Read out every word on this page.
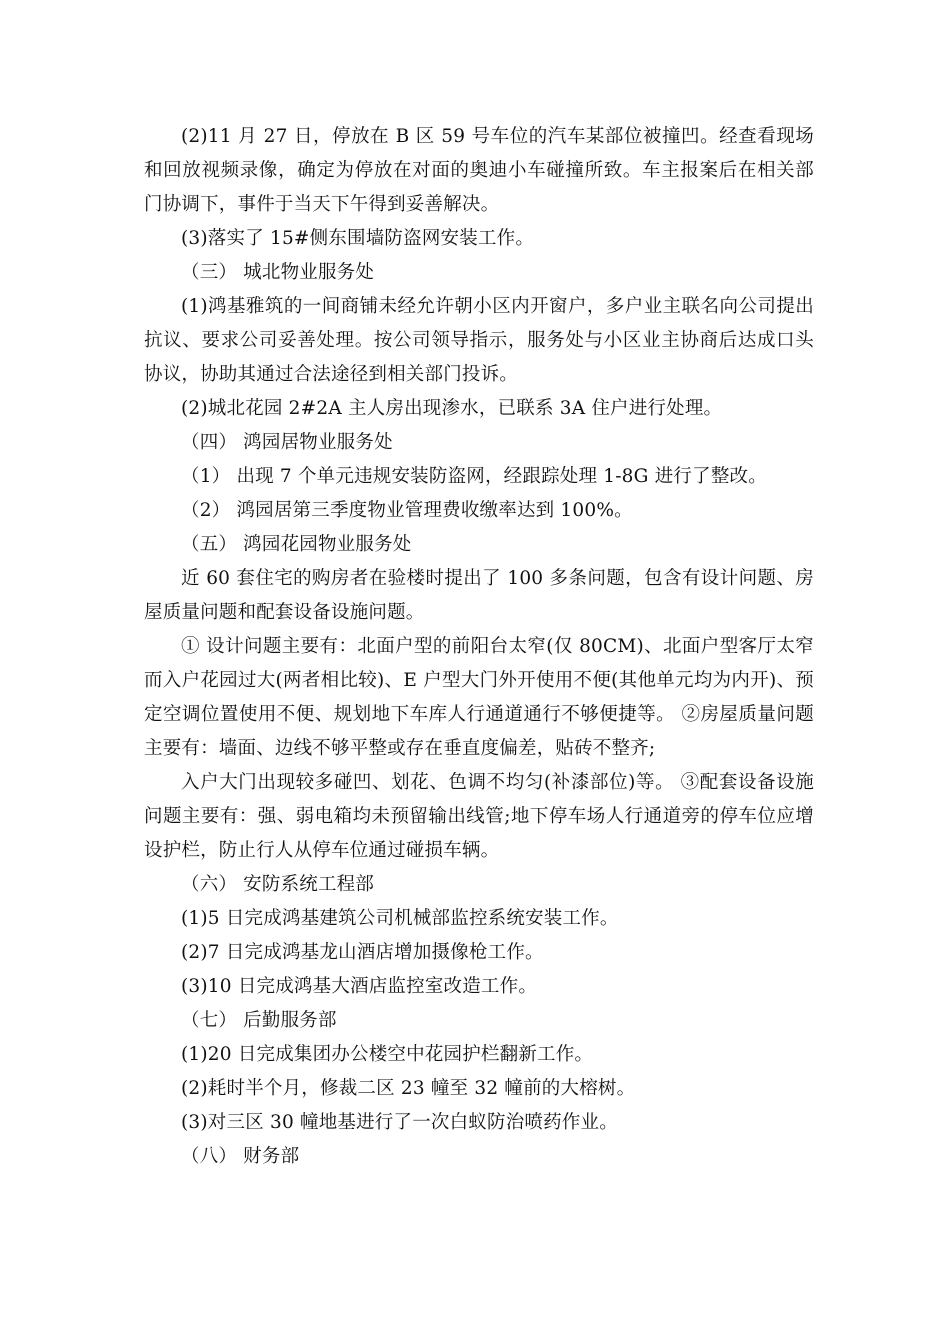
(2)11 月 27 日，停放在 B 区 59 号车位的汽车某部位被撞凹。经查看现场和回放视频录像，确定为停放在对面的奥迪小车碰撞所致。车主报案后在相关部门协调下，事件于当天下午得到妥善解决。

(3)落实了 15#侧东围墙防盗网安装工作。

（三） 城北物业服务处

(1)鸿基雅筑的一间商铺未经允许朝小区内开窗户，多户业主联名向公司提出抗议、要求公司妥善处理。按公司领导指示，服务处与小区业主协商后达成口头协议，协助其通过合法途径到相关部门投诉。

(2)城北花园 2#2A 主人房出现渗水，已联系 3A 住户进行处理。

（四） 鸿园居物业服务处

（1） 出现 7 个单元违规安装防盗网，经跟踪处理 1-8G 进行了整改。

（2） 鸿园居第三季度物业管理费收缴率达到 100%。

（五） 鸿园花园物业服务处

近 60 套住宅的购房者在验楼时提出了 100 多条问题，包含有设计问题、房屋质量问题和配套设备设施问题。

① 设计问题主要有：北面户型的前阳台太窄(仅 80CM)、北面户型客厅太窄而入户花园过大(两者相比较)、E 户型大门外开使用不便(其他单元均为内开)、预定空调位置使用不便、规划地下车库人行通道通行不够便捷等。 ②房屋质量问题主要有：墙面、边线不够平整或存在垂直度偏差，贴砖不整齐;

入户大门出现较多碰凹、划花、色调不均匀(补漆部位)等。 ③配套设备设施问题主要有：强、弱电箱均未预留输出线管;地下停车场人行通道旁的停车位应增设护栏，防止行人从停车位通过碰损车辆。

（六） 安防系统工程部

(1)5 日完成鸿基建筑公司机械部监控系统安装工作。

(2)7 日完成鸿基龙山酒店增加摄像枪工作。

(3)10 日完成鸿基大酒店监控室改造工作。

（七） 后勤服务部

(1)20 日完成集团办公楼空中花园护栏翻新工作。

(2)耗时半个月，修裁二区 23 幢至 32 幢前的大榕树。

(3)对三区 30 幢地基进行了一次白蚁防治喷药作业。

（八） 财务部
